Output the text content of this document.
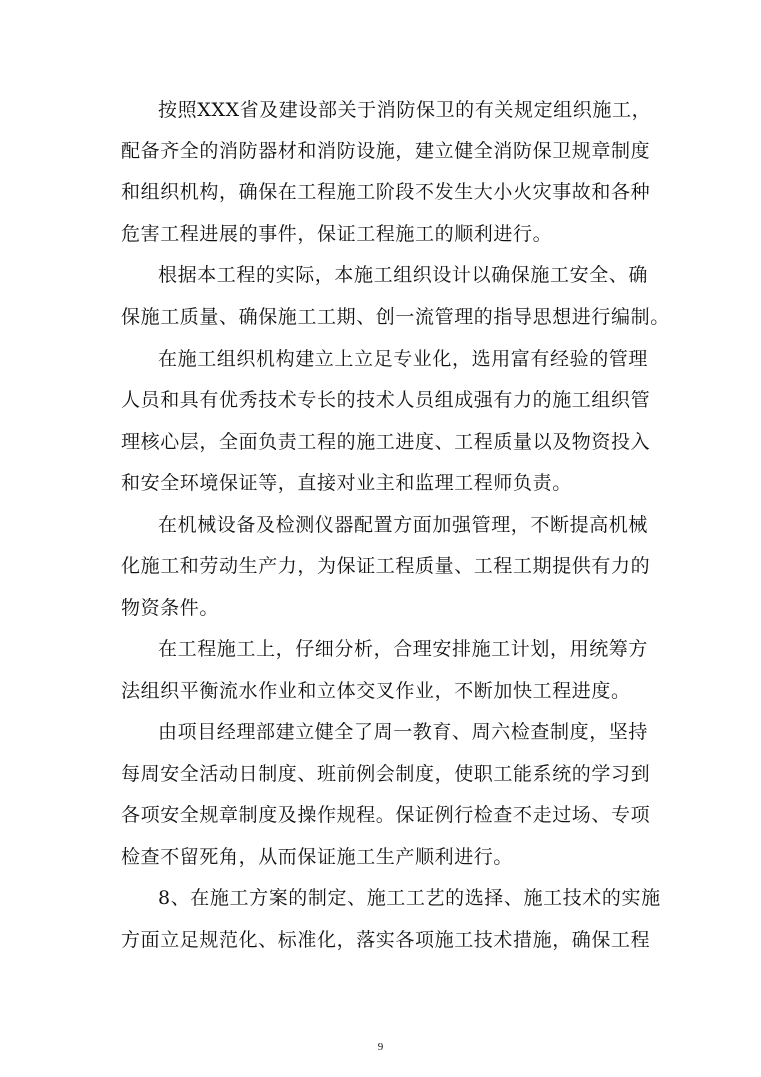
按照XXX省及建设部关于消防保卫的有关规定组织施工，
配备齐全的消防器材和消防设施，建立健全消防保卫规章制度
和组织机构，确保在工程施工阶段不发生大小火灾事故和各种
危害工程进展的事件，保证工程施工的顺利进行。
根据本工程的实际，本施工组织设计以确保施工安全、确
保施工质量、确保施工工期、创一流管理的指导思想进行编制。
在施工组织机构建立上立足专业化，选用富有经验的管理
人员和具有优秀技术专长的技术人员组成强有力的施工组织管
理核心层，全面负责工程的施工进度、工程质量以及物资投入
和安全环境保证等，直接对业主和监理工程师负责。
在机械设备及检测仪器配置方面加强管理，不断提高机械
化施工和劳动生产力，为保证工程质量、工程工期提供有力的
物资条件。
在工程施工上，仔细分析，合理安排施工计划，用统筹方
法组织平衡流水作业和立体交叉作业，不断加快工程进度。
由项目经理部建立健全了周一教育、周六检查制度，坚持
每周安全活动日制度、班前例会制度，使职工能系统的学习到
各项安全规章制度及操作规程。保证例行检查不走过场、专项
检查不留死角，从而保证施工生产顺利进行。
8、在施工方案的制定、施工工艺的选择、施工技术的实施
方面立足规范化、标准化，落实各项施工技术措施，确保工程
9
